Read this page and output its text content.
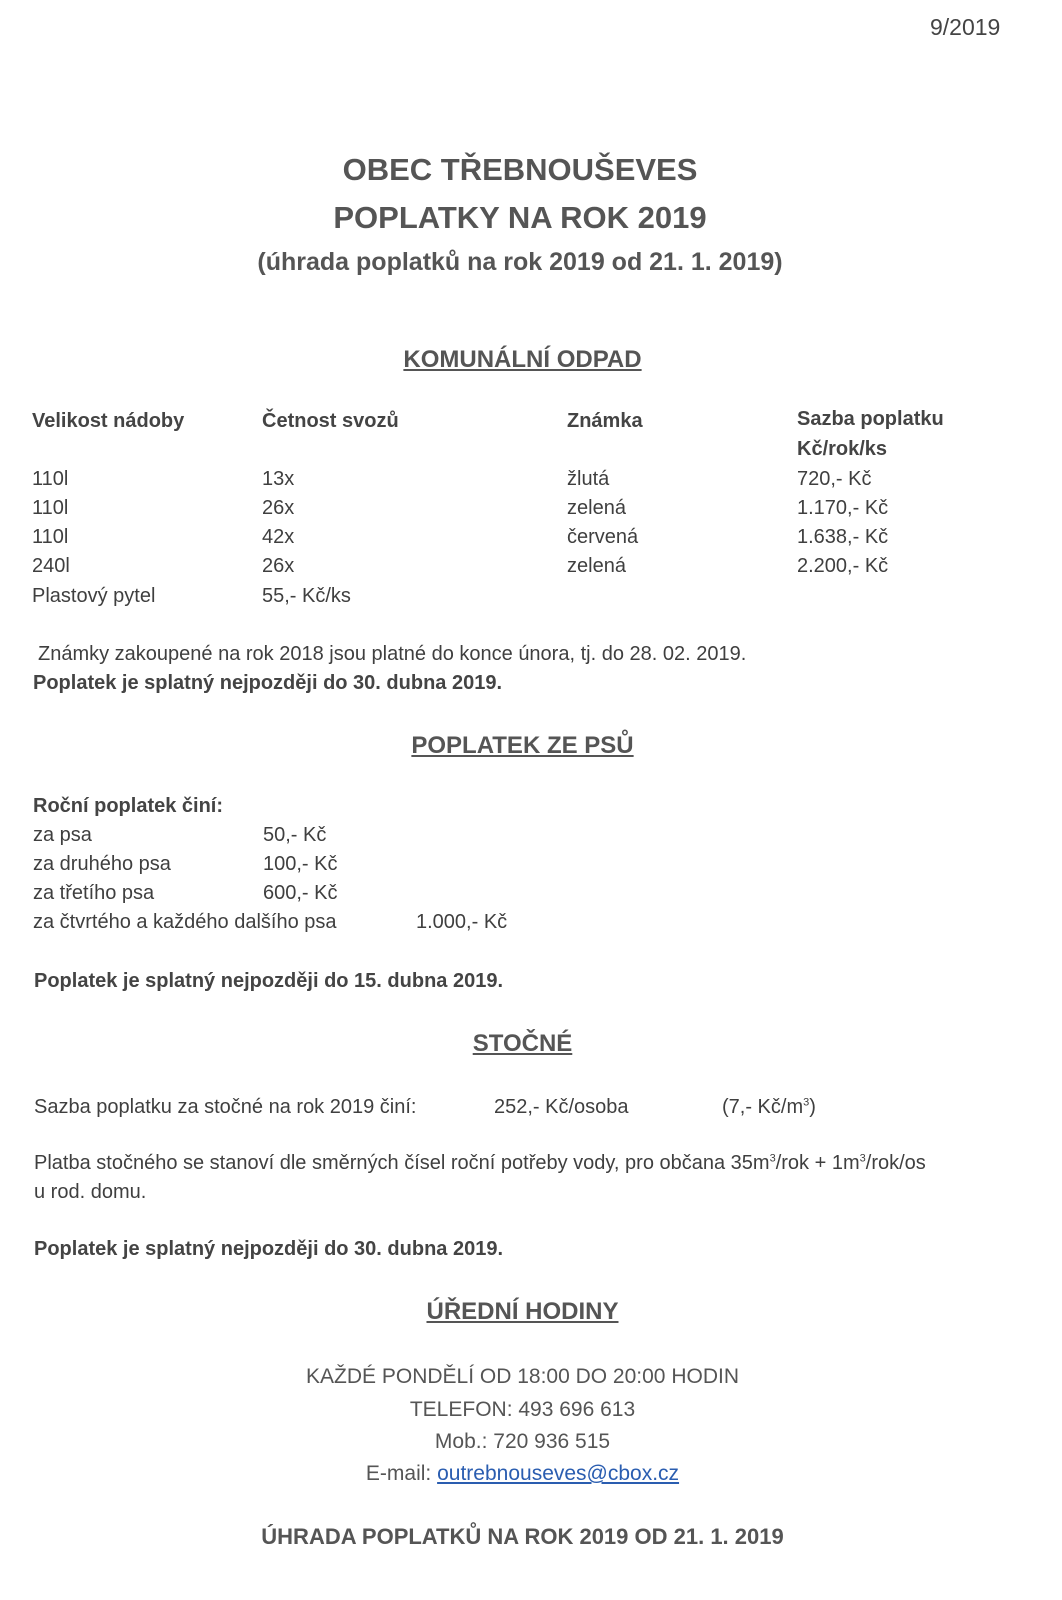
9/2019
OBEC TŘEBNOUŠEVES
POPLATKY NA ROK 2019
(úhrada poplatků na rok 2019 od 21. 1. 2019)
KOMUNÁLNÍ ODPAD
Velikost nádoby	Četnost svozů	Známka	Sazba poplatku
Kč/rok/ks
110l	13x	žlutá	720,- Kč
110l	26x	zelená	1.170,- Kč
110l	42x	červená	1.638,- Kč
240l	26x	zelená	2.200,- Kč
Plastový pytel	55,- Kč/ks
Známky zakoupené na rok 2018 jsou platné do konce února, tj. do 28. 02. 2019.
Poplatek je splatný nejpozději do 30. dubna 2019.
POPLATEK ZE PSŮ
Roční poplatek činí:
za psa	50,- Kč
za druhého psa	100,- Kč
za třetího psa	600,- Kč
za čtvrtého a každého dalšího psa	1.000,- Kč
Poplatek je splatný nejpozději do 15. dubna 2019.
STOČNÉ
Sazba poplatku za stočné na rok 2019 činí:	252,- Kč/osoba	(7,- $Kč/m^3$)
Platba stočného se stanoví dle směrných čísel roční potřeby vody, pro občana $35m^3$/rok + $1m^3/rok/os$
u rod. domu.
Poplatek je splatný nejpozději do 30. dubna 2019.
ÚŘEDNÍ HODINY
KAŽDÉ PONDĚLÍ OD 18:00 DO 20:00 HODIN
TELEFON: 493 696 613
Mob.: 720 936 515
E-mail: outrebnouseves@cbox.cz
ÚHRADA POPLATKŮ NA ROK 2019 OD 21. 1. 2019
